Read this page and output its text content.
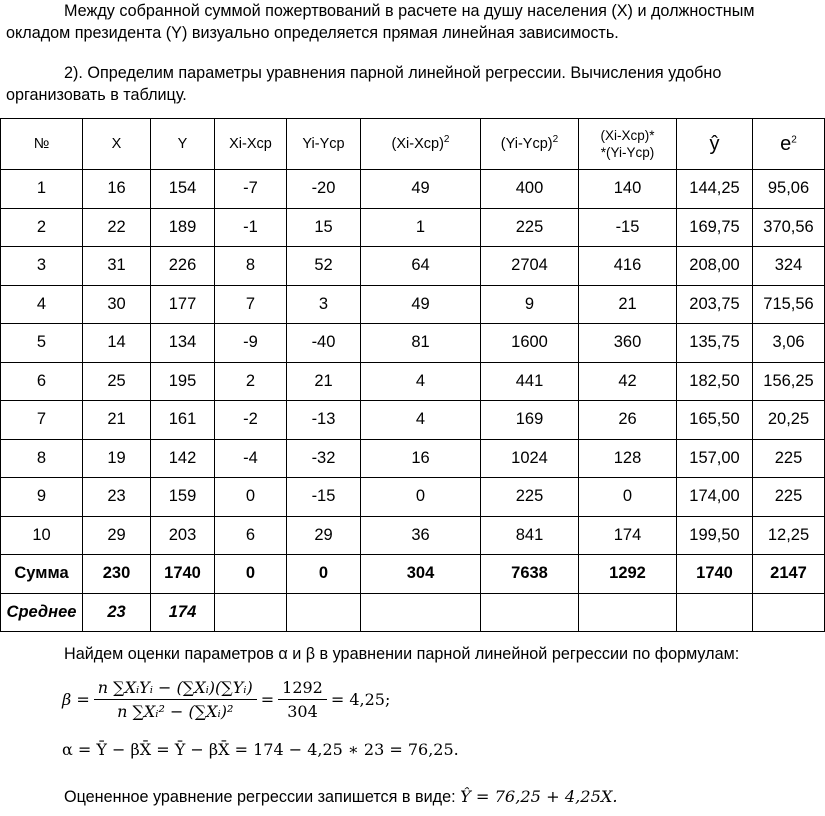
Между собранной суммой пожертвований в расчете на душу населения (X) и должностным окладом президента (Y) визуально определяется прямая линейная зависимость.
2). Определим параметры уравнения парной линейной регрессии. Вычисления удобно организовать в таблицу.
№	X	Y	Xi-Xср	Yi-Yср	$(Xi-Xср)^2$	$(Yi-Yср)^2$	(Xi-Xср)*
*(Yi-Yср)	ŷ	$e^2$
1	16	154	-7	-20	49	400	140	144,25	95,06
2	22	189	-1	15	1	225	-15	169,75	370,56
3	31	226	8	52	64	2704	416	208,00	324
4	30	177	7	3	49	9	21	203,75	715,56
5	14	134	-9	-40	81	1600	360	135,75	3,06
6	25	195	2	21	4	441	42	182,50	156,25
7	21	161	-2	-13	4	169	26	165,50	20,25
8	19	142	-4	-32	16	1024	128	157,00	225
9	23	159	0	-15	0	225	0	174,00	225
10	29	203	6	29	36	841	174	199,50	12,25
Сумма	230	1740	0	0	304	7638	1292	1740	2147
Среднее	23	174							
Найдем оценки параметров α и β в уравнении парной линейной регрессии по формулам:
$\beta = \frac{\text{n ∑XᵢYᵢ − (∑Xᵢ)(∑Yᵢ)}}{\text{n ∑Xᵢ² − (∑Xᵢ)²}} = \frac{1292}{304} = 4,25$;
α = Ȳ − βX̄ = Ȳ − βX̄ = 174 − 4,25 ∗ 23 = 76,25.
Оцененное уравнение регрессии запишется в виде: Ŷ = 76,25 + 4,25X.
